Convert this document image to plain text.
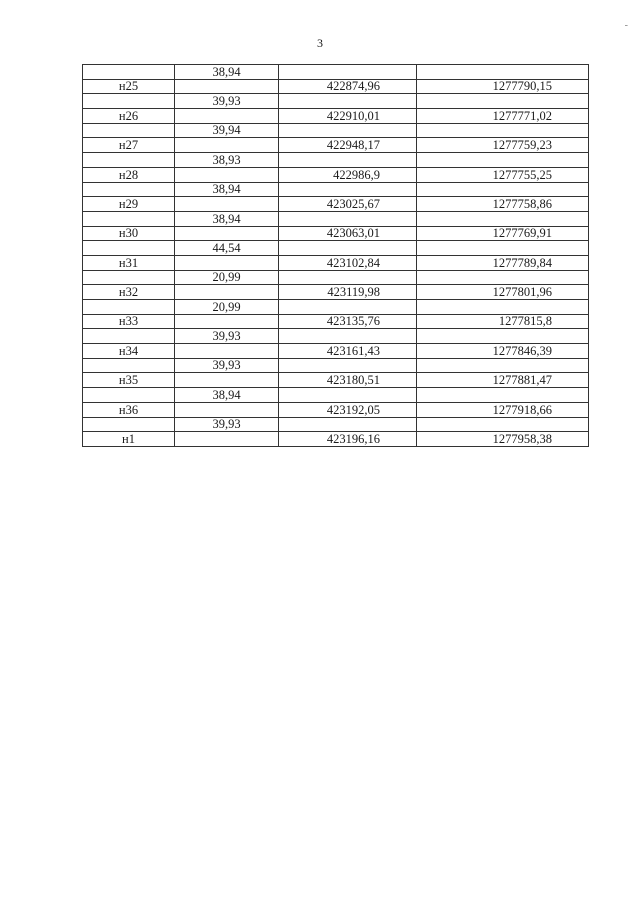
-
3
	38,94		
н25		422874,96	1277790,15
	39,93		
н26		422910,01	1277771,02
	39,94		
н27		422948,17	1277759,23
	38,93		
н28		422986,9	1277755,25
	38,94		
н29		423025,67	1277758,86
	38,94		
н30		423063,01	1277769,91
	44,54		
н31		423102,84	1277789,84
	20,99		
н32		423119,98	1277801,96
	20,99		
н33		423135,76	1277815,8
	39,93		
н34		423161,43	1277846,39
	39,93		
н35		423180,51	1277881,47
	38,94		
н36		423192,05	1277918,66
	39,93		
н1		423196,16	1277958,38
